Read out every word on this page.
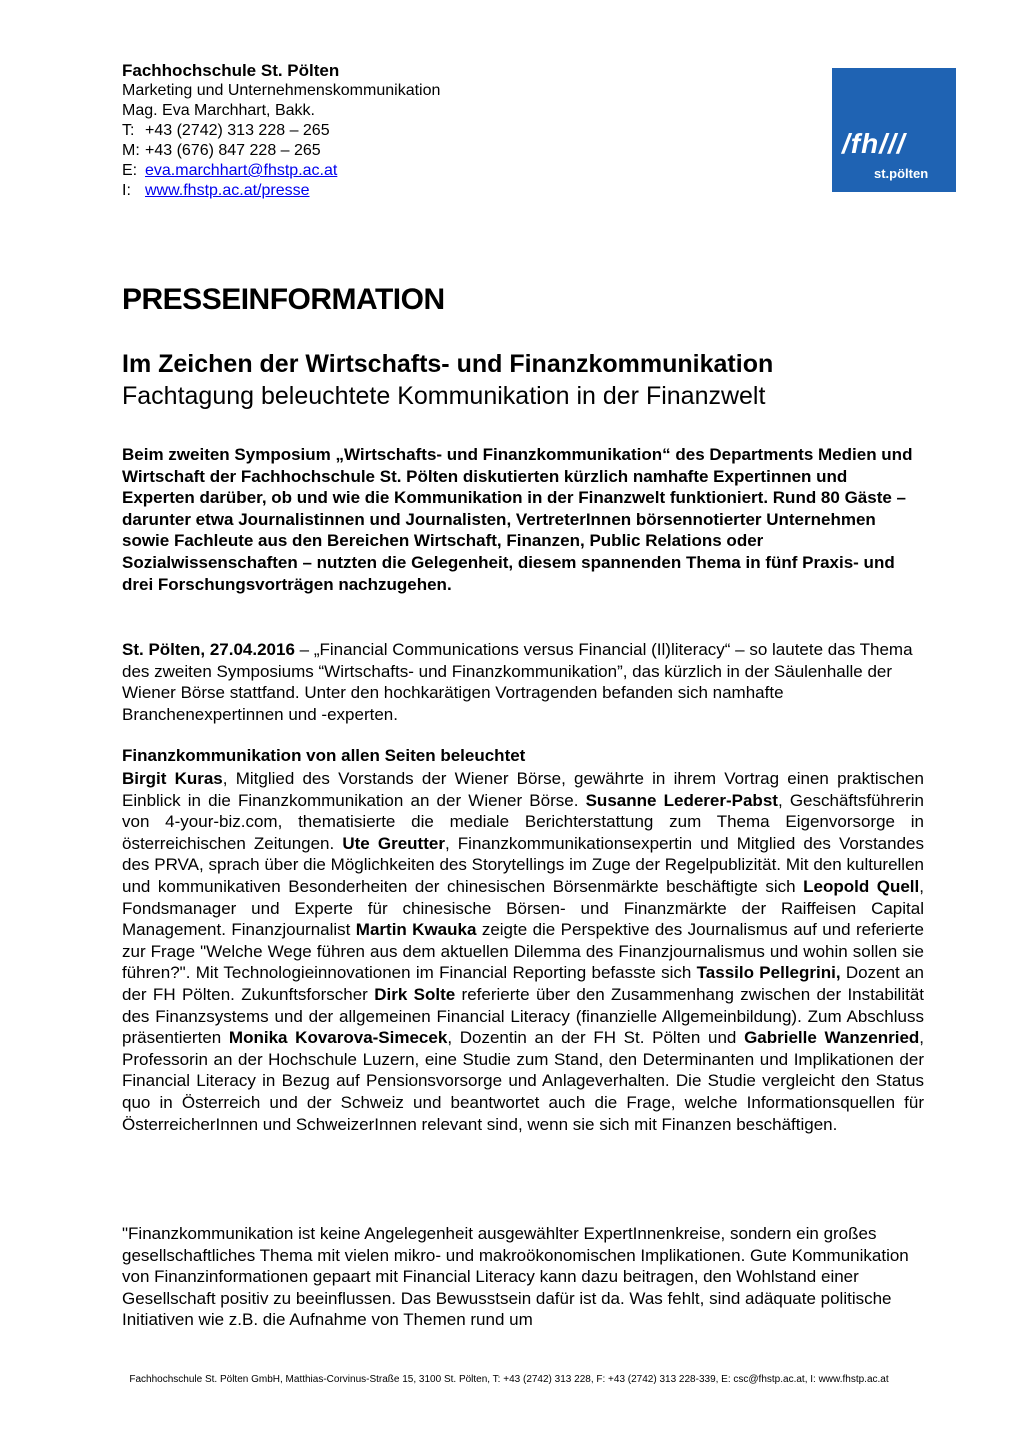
Fachhochschule St. Pölten
Marketing und Unternehmenskommunikation
Mag. Eva Marchhart, Bakk.
T: +43 (2742) 313 228 – 265
M: +43 (676) 847 228 – 265
E: eva.marchhart@fhstp.ac.at
I: www.fhstp.ac.at/presse
/fh///
st.pölten
PRESSEINFORMATION
Im Zeichen der Wirtschafts- und Finanzkommunikation
Fachtagung beleuchtete Kommunikation in der Finanzwelt
Beim zweiten Symposium „Wirtschafts- und Finanzkommunikation“ des Departments Medien und Wirtschaft der Fachhochschule St. Pölten diskutierten kürzlich namhafte Expertinnen und Experten darüber, ob und wie die Kommunikation in der Finanzwelt funktioniert. Rund 80 Gäste – darunter etwa Journalistinnen und Journalisten, VertreterInnen börsennotierter Unternehmen sowie Fachleute aus den Bereichen Wirtschaft, Finanzen, Public Relations oder Sozialwissenschaften – nutzten die Gelegenheit, diesem spannenden Thema in fünf Praxis- und drei Forschungsvorträgen nachzugehen.
St. Pölten, 27.04.2016 – „Financial Communications versus Financial (Il)literacy“ – so lautete das Thema des zweiten Symposiums “Wirtschafts- und Finanzkommunikation”, das kürzlich in der Säulenhalle der Wiener Börse stattfand. Unter den hochkarätigen Vortragenden befanden sich namhafte Branchenexpertinnen und -experten.
Finanzkommunikation von allen Seiten beleuchtet
Birgit Kuras, Mitglied des Vorstands der Wiener Börse, gewährte in ihrem Vortrag einen praktischen Einblick in die Finanzkommunikation an der Wiener Börse. Susanne Lederer-Pabst, Geschäftsführerin von 4-your-biz.com, thematisierte die mediale Berichterstattung zum Thema Eigenvorsorge in österreichischen Zeitungen. Ute Greutter, Finanzkommunikationsexpertin und Mitglied des Vorstandes des PRVA, sprach über die Möglichkeiten des Storytellings im Zuge der Regelpublizität. Mit den kulturellen und kommunikativen Besonderheiten der chinesischen Börsenmärkte beschäftigte sich Leopold Quell, Fondsmanager und Experte für chinesische Börsen- und Finanzmärkte der Raiffeisen Capital Management. Finanzjournalist Martin Kwauka zeigte die Perspektive des Journalismus auf und referierte zur Frage "Welche Wege führen aus dem aktuellen Dilemma des Finanzjournalismus und wohin sollen sie führen?". Mit Technologieinnovationen im Financial Reporting befasste sich Tassilo Pellegrini, Dozent an der FH Pölten. Zukunftsforscher Dirk Solte referierte über den Zusammenhang zwischen der Instabilität des Finanzsystems und der allgemeinen Financial Literacy (finanzielle Allgemeinbildung). Zum Abschluss präsentierten Monika Kovarova-Simecek, Dozentin an der FH St. Pölten und Gabrielle Wanzenried, Professorin an der Hochschule Luzern, eine Studie zum Stand, den Determinanten und Implikationen der Financial Literacy in Bezug auf Pensionsvorsorge und Anlageverhalten. Die Studie vergleicht den Status quo in Österreich und der Schweiz und beantwortet auch die Frage, welche Informationsquellen für ÖsterreicherInnen und SchweizerInnen relevant sind, wenn sie sich mit Finanzen beschäftigen.
"Finanzkommunikation ist keine Angelegenheit ausgewählter ExpertInnenkreise, sondern ein großes gesellschaftliches Thema mit vielen mikro- und makroökonomischen Implikationen. Gute Kommunikation von Finanzinformationen gepaart mit Financial Literacy kann dazu beitragen, den Wohlstand einer Gesellschaft positiv zu beeinflussen. Das Bewusstsein dafür ist da. Was fehlt, sind adäquate politische Initiativen wie z.B. die Aufnahme von Themen rund um
Fachhochschule St. Pölten GmbH, Matthias-Corvinus-Straße 15, 3100 St. Pölten, T: +43 (2742) 313 228, F: +43 (2742) 313 228-339, E: csc@fhstp.ac.at, I: www.fhstp.ac.at
